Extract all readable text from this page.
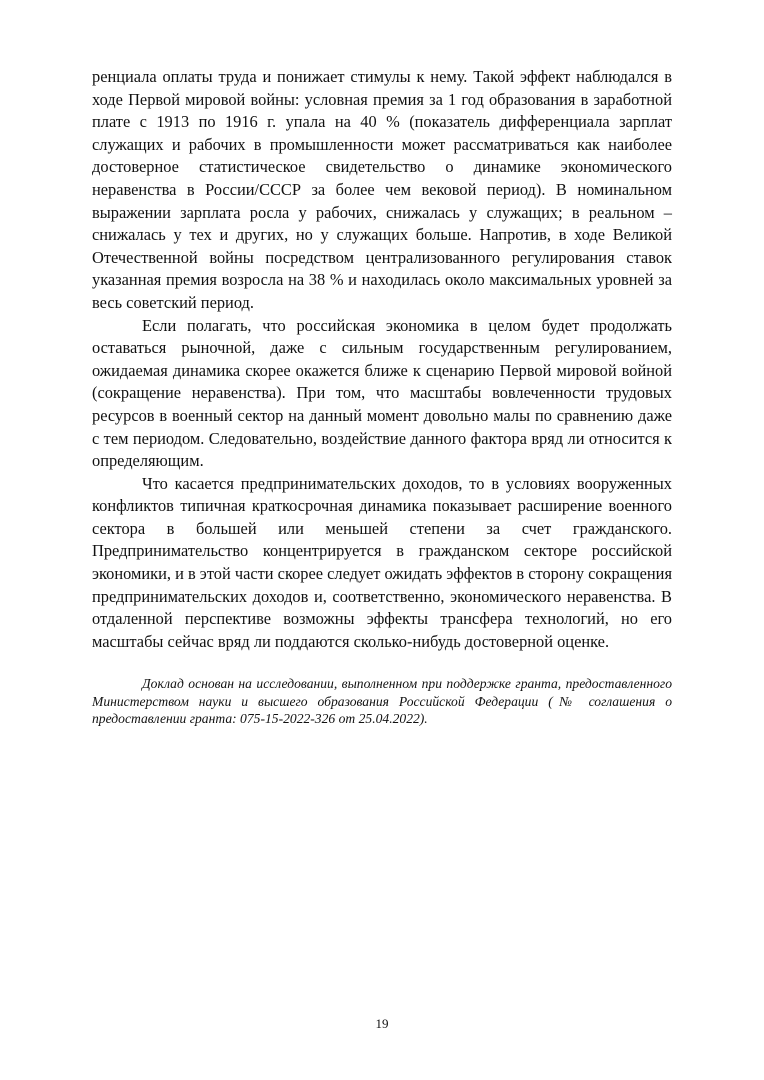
ренциала оплаты труда и понижает стимулы к нему. Такой эффект наблюдался в ходе Первой мировой войны: условная премия за 1 год образования в заработной плате с 1913 по 1916 г. упала на 40 % (показатель дифференциала зарплат служащих и рабочих в промышленности может рассматриваться как наиболее достоверное статистическое свидетельство о динамике экономического неравенства в России/СССР за более чем вековой период). В номинальном выражении зарплата росла у рабочих, снижалась у служащих; в реальном – снижалась у тех и других, но у служащих больше. Напротив, в ходе Великой Отечественной войны посредством централизованного регулирования ставок указанная премия возросла на 38 % и находилась около максимальных уровней за весь советский период.

Если полагать, что российская экономика в целом будет продолжать оставаться рыночной, даже с сильным государственным регулированием, ожидаемая динамика скорее окажется ближе к сценарию Первой мировой войной (сокращение неравенства). При том, что масштабы вовлеченности трудовых ресурсов в военный сектор на данный момент довольно малы по сравнению даже с тем периодом. Следовательно, воздействие данного фактора вряд ли относится к определяющим.

Что касается предпринимательских доходов, то в условиях вооруженных конфликтов типичная краткосрочная динамика показывает расширение военного сектора в большей или меньшей степени за счет гражданского. Предпринимательство концентрируется в гражданском секторе российской экономики, и в этой части скорее следует ожидать эффектов в сторону сокращения предпринимательских доходов и, соответственно, экономического неравенства. В отдаленной перспективе возможны эффекты трансфера технологий, но его масштабы сейчас вряд ли поддаются сколько-нибудь достоверной оценке.

Доклад основан на исследовании, выполненном при поддержке гранта, предоставленного Министерством науки и высшего образования Российской Федерации (№ соглашения о предоставлении гранта: 075-15-2022-326 от 25.04.2022).

19
